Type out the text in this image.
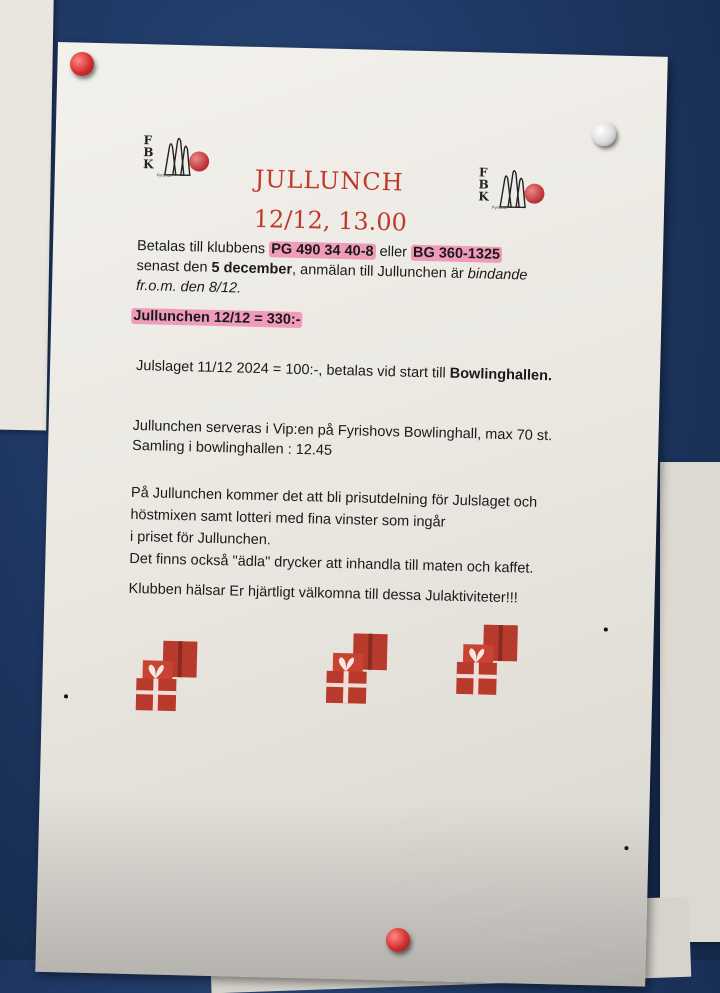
F
B
K
Fyrishov	F
B
K
Fyrishov
JULLUNCH
12/12, 13.00
Betalas till klubbens PG 490 34 40-8 eller BG 360-1325
senast den 5 december, anmälan till Jullunchen är bindande
fr.o.m. den 8/12.
Jullunchen 12/12 = 330:-
Julslaget 11/12 2024 = 100:-, betalas vid start till Bowlinghallen.
Jullunchen serveras i Vip:en på Fyrishovs Bowlinghall, max 70 st.
Samling i bowlinghallen : 12.45
På Jullunchen kommer det att bli prisutdelning för Julslaget och
höstmixen samt lotteri med fina vinster som ingår
i priset för Jullunchen.
Det finns också "ädla" drycker att inhandla till maten och kaffet.
Klubben hälsar Er hjärtligt välkomna till dessa Julaktiviteter!!!
